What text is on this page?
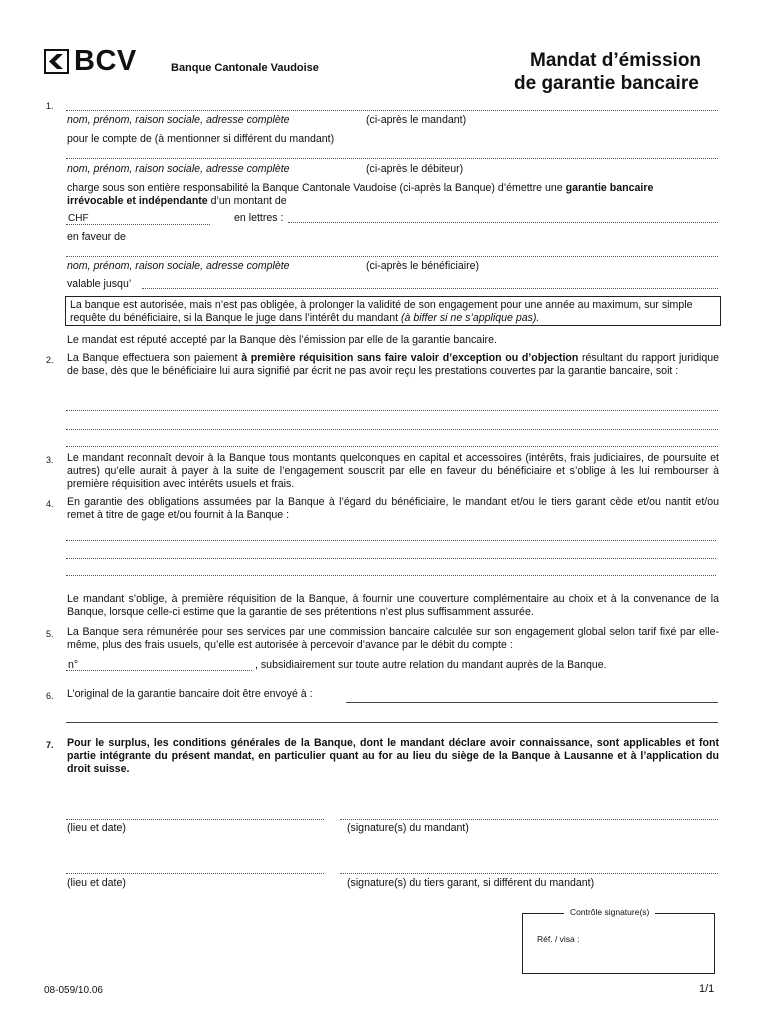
BCV	Banque Cantonale Vaudoise	Mandat d’émission
de garantie bancaire
1.
nom, prénom, raison sociale, adresse complète	(ci-après le mandant)
pour le compte de (à mentionner si différent du mandant)
nom, prénom, raison sociale, adresse complète	(ci-après le débiteur)
charge sous son entière responsabilité la Banque Cantonale Vaudoise (ci-après la Banque) d’émettre une garantie bancaire
irrévocable et indépendante d’un montant de
CHF	en lettres :
en faveur de
nom, prénom, raison sociale, adresse complète	(ci-après le bénéficiaire)
valable jusqu’
La banque est autorisée, mais n’est pas obligée, à prolonger la validité de son engagement pour une année au maximum, sur simple requête du bénéficiaire, si la Banque le juge dans l’intérêt du mandant (à biffer si ne s’applique pas).
Le mandat est réputé accepté par la Banque dès l’émission par elle de la garantie bancaire.
2. La Banque effectuera son paiement à première réquisition sans faire valoir d’exception ou d’objection résultant du rapport juridique de base, dès que le bénéficiaire lui aura signifié par écrit ne pas avoir reçu les prestations couvertes par la garantie bancaire, soit :
3. Le mandant reconnaît devoir à la Banque tous montants quelconques en capital et accessoires (intérêts, frais judiciaires, de poursuite et autres) qu’elle aurait à payer à la suite de l’engagement souscrit par elle en faveur du bénéficiaire et s’oblige à les lui rembourser à première réquisition avec intérêts usuels et frais.
4. En garantie des obligations assumées par la Banque à l’égard du bénéficiaire, le mandant et/ou le tiers garant cède et/ou nantit et/ou remet à titre de gage et/ou fournit à la Banque :
Le mandant s’oblige, à première réquisition de la Banque, à fournir une couverture complémentaire au choix et à la convenance de la Banque, lorsque celle-ci estime que la garantie de ses prétentions n’est plus suffisamment assurée.
5. La Banque sera rémunérée pour ses services par une commission bancaire calculée sur son engagement global selon tarif fixé par elle-même, plus des frais usuels, qu’elle est autorisée à percevoir d’avance par le débit du compte :
n°	, subsidiairement sur toute autre relation du mandant auprès de la Banque.
6. L’original de la garantie bancaire doit être envoyé à :
7. Pour le surplus, les conditions générales de la Banque, dont le mandant déclare avoir connaissance, sont applicables et font partie intégrante du présent mandat, en particulier quant au for au lieu du siège de la Banque à Lausanne et à l’application du droit suisse.
(lieu et date)	(signature(s) du mandant)
(lieu et date)	(signature(s) du tiers garant, si différent du mandant)
Contrôle signature(s)
Réf. / visa :
08-059/10.06	1/1
